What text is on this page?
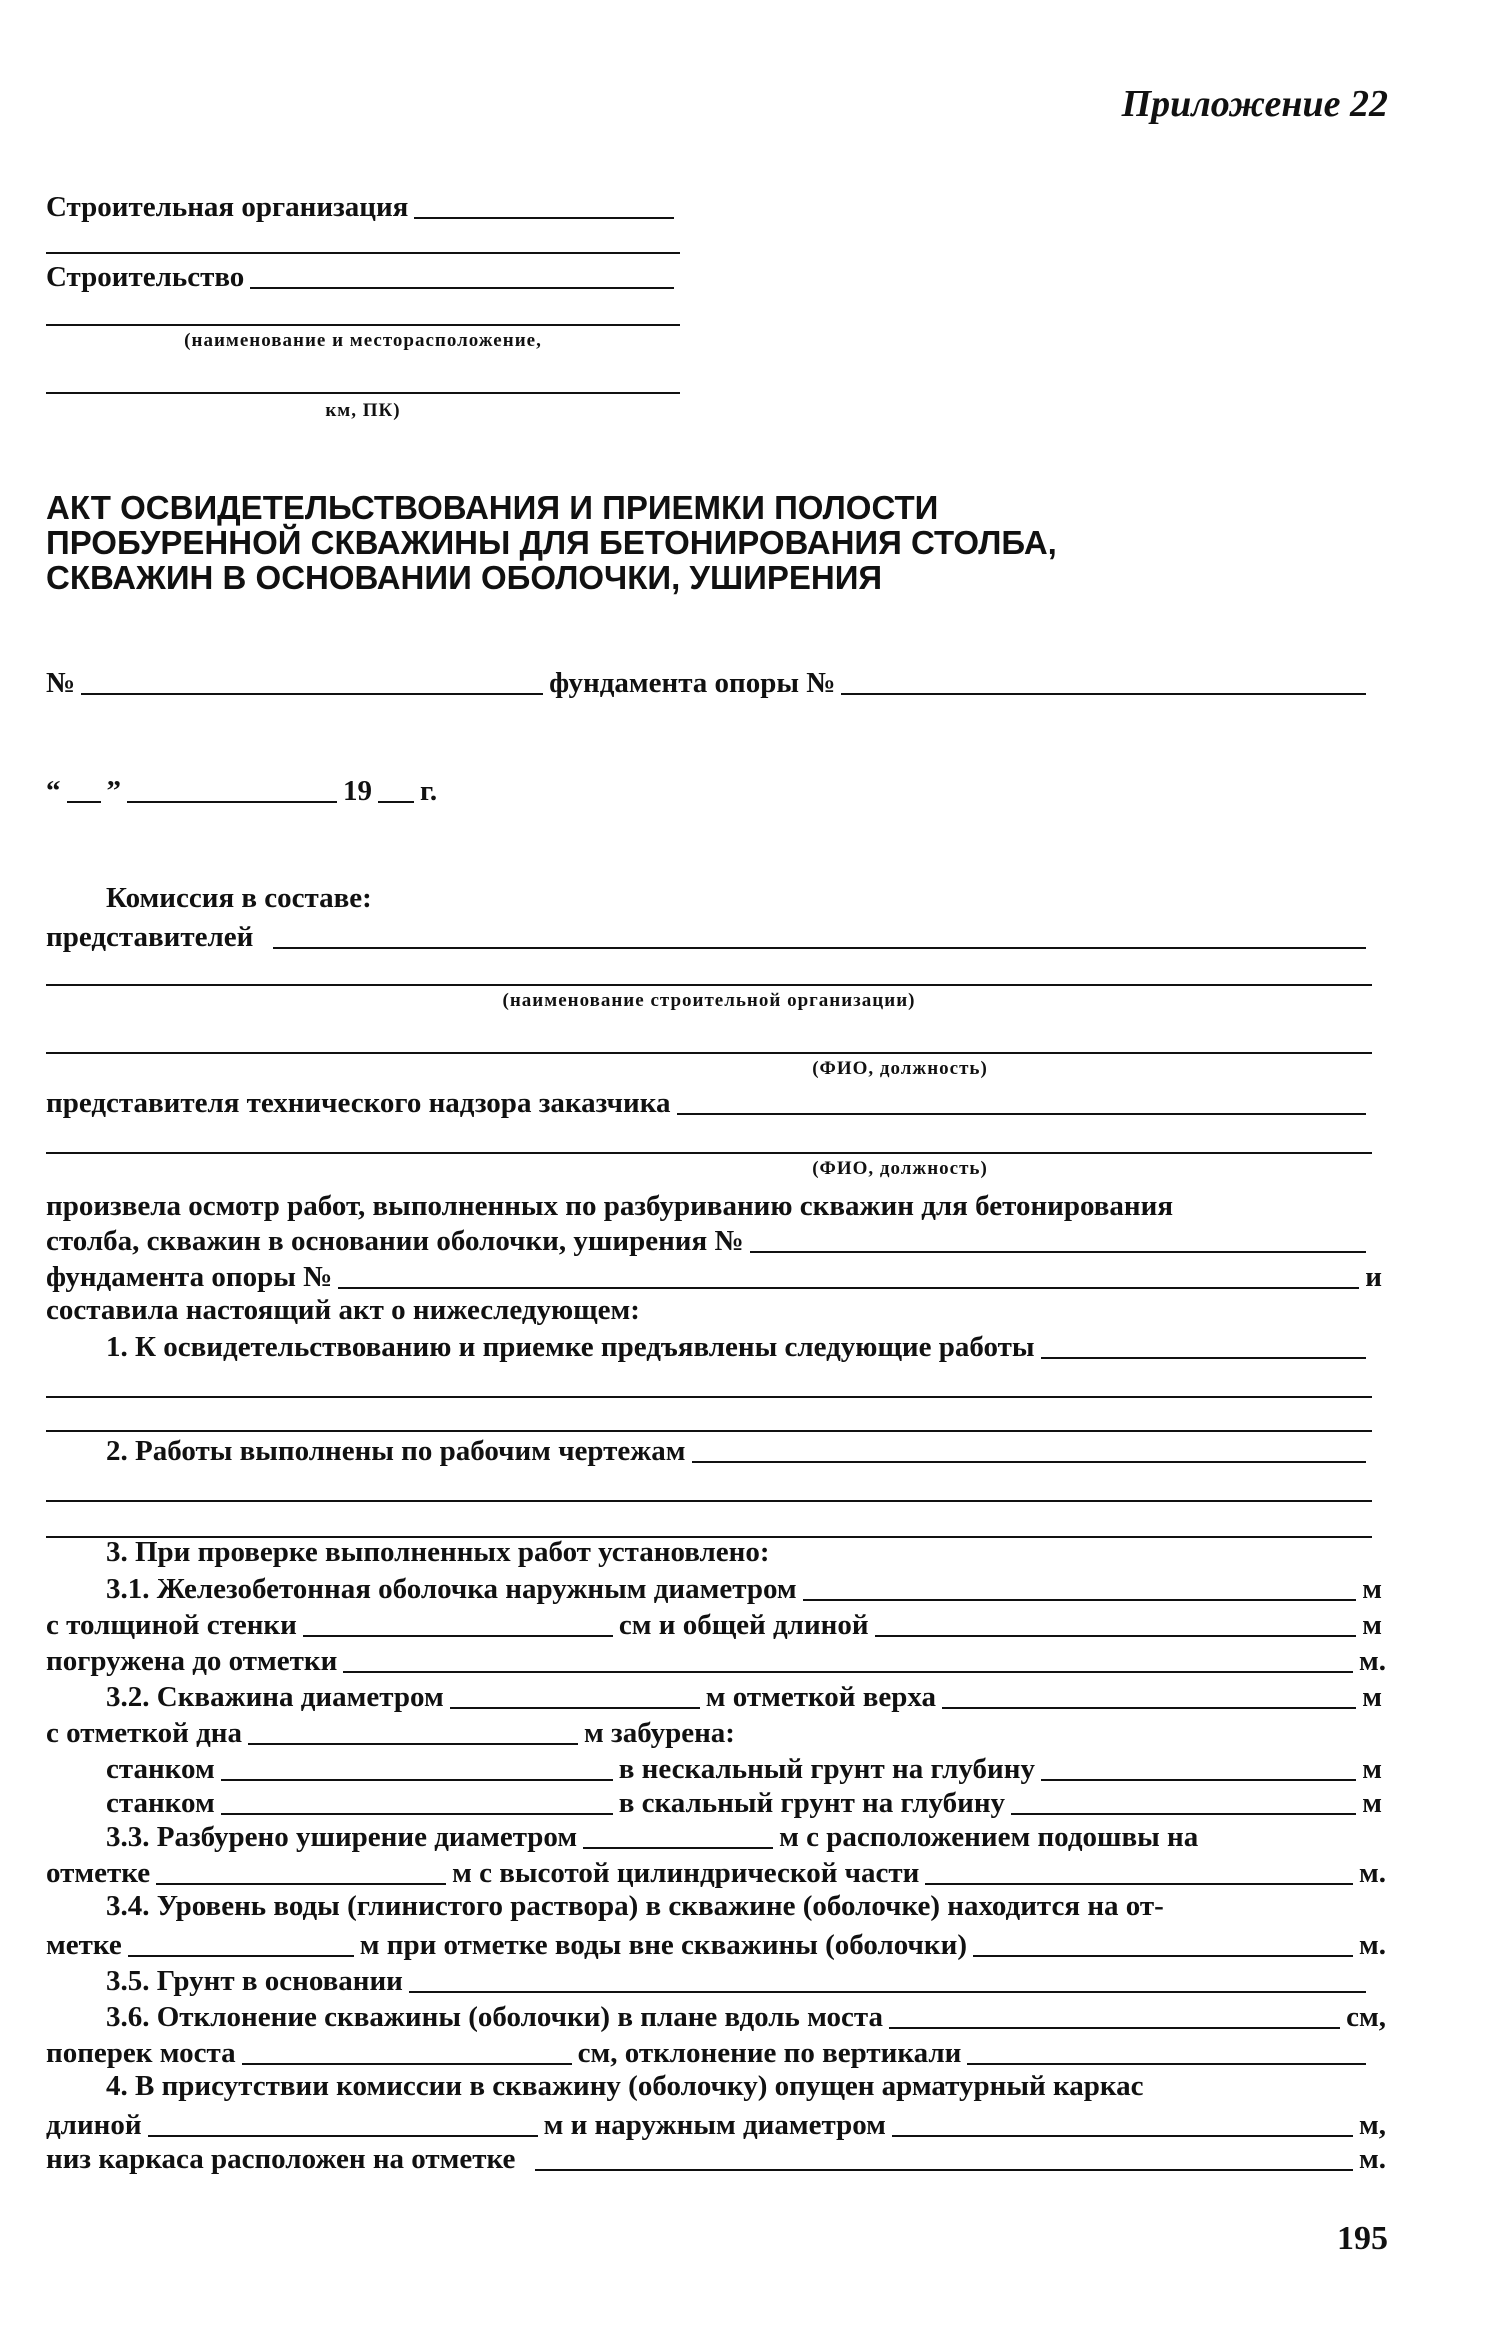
Приложение 22
Строительная организация
Строительство
(наименование и месторасположение,
км, ПК)
АКТ ОСВИДЕТЕЛЬСТВОВАНИЯ И ПРИЕМКИ ПОЛОСТИ
ПРОБУРЕННОЙ СКВАЖИНЫ ДЛЯ БЕТОНИРОВАНИЯ СТОЛБА,
СКВАЖИН В ОСНОВАНИИ ОБОЛОЧКИ, УШИРЕНИЯ
№	фундамента опоры №
“ ”	19 г.
Комиссия в составе:
представителей
(наименование строительной организации)
(ФИО, должность)
представителя технического надзора заказчика
(ФИО, должность)
произвела осмотр работ, выполненных по разбуриванию скважин для бетонирования
столба, скважин в основании оболочки, уширения №
фундамента опоры №	и
составила настоящий акт о нижеследующем:
1. К освидетельствованию и приемке предъявлены следующие работы
2. Работы выполнены по рабочим чертежам
3. При проверке выполненных работ установлено:
3.1. Железобетонная оболочка наружным диаметром	м
с толщиной стенки	см и общей длиной	м
погружена до отметки	м.
3.2. Скважина диаметром	м отметкой верха	м
с отметкой дна	м забурена:
станком	в нескальный грунт на глубину	м
станком	в скальный грунт на глубину	м
3.3. Разбурено уширение диаметром	м с расположением подошвы на
отметке	м с высотой цилиндрической части	м.
3.4. Уровень воды (глинистого раствора) в скважине (оболочке) находится на от-
метке	м при отметке воды вне скважины (оболочки)	м.
3.5. Грунт в основании
3.6. Отклонение скважины (оболочки) в плане вдоль моста	см,
поперек моста	см, отклонение по вертикали
4. В присутствии комиссии в скважину (оболочку) опущен арматурный каркас
длиной	м и наружным диаметром	м,
низ каркаса расположен на отметке	м.
195
